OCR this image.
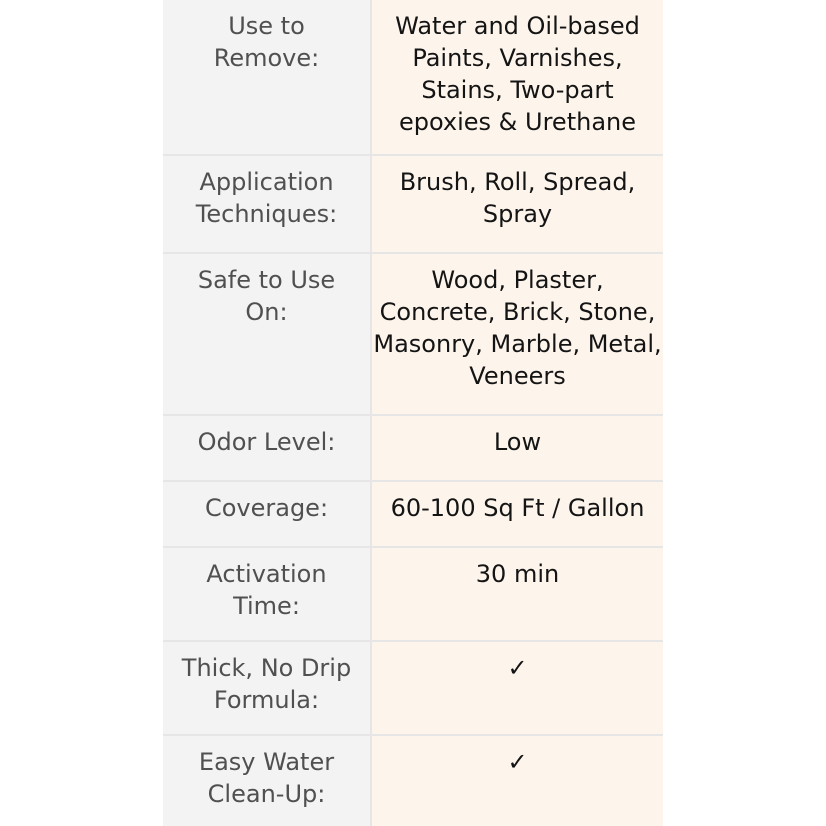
Use to Remove:
Water and Oil-based Paints, Varnishes, Stains, Two-part epoxies & Urethane
Application Techniques:
Brush, Roll, Spread, Spray
Safe to Use On:
Wood, Plaster, Concrete, Brick, Stone, Masonry, Marble, Metal, Veneers
Odor Level:	Low
Coverage:	60-100 Sq Ft / Gallon
Activation Time:
30 min
Thick, No Drip Formula:
✓
Easy Water Clean-Up:
✓
